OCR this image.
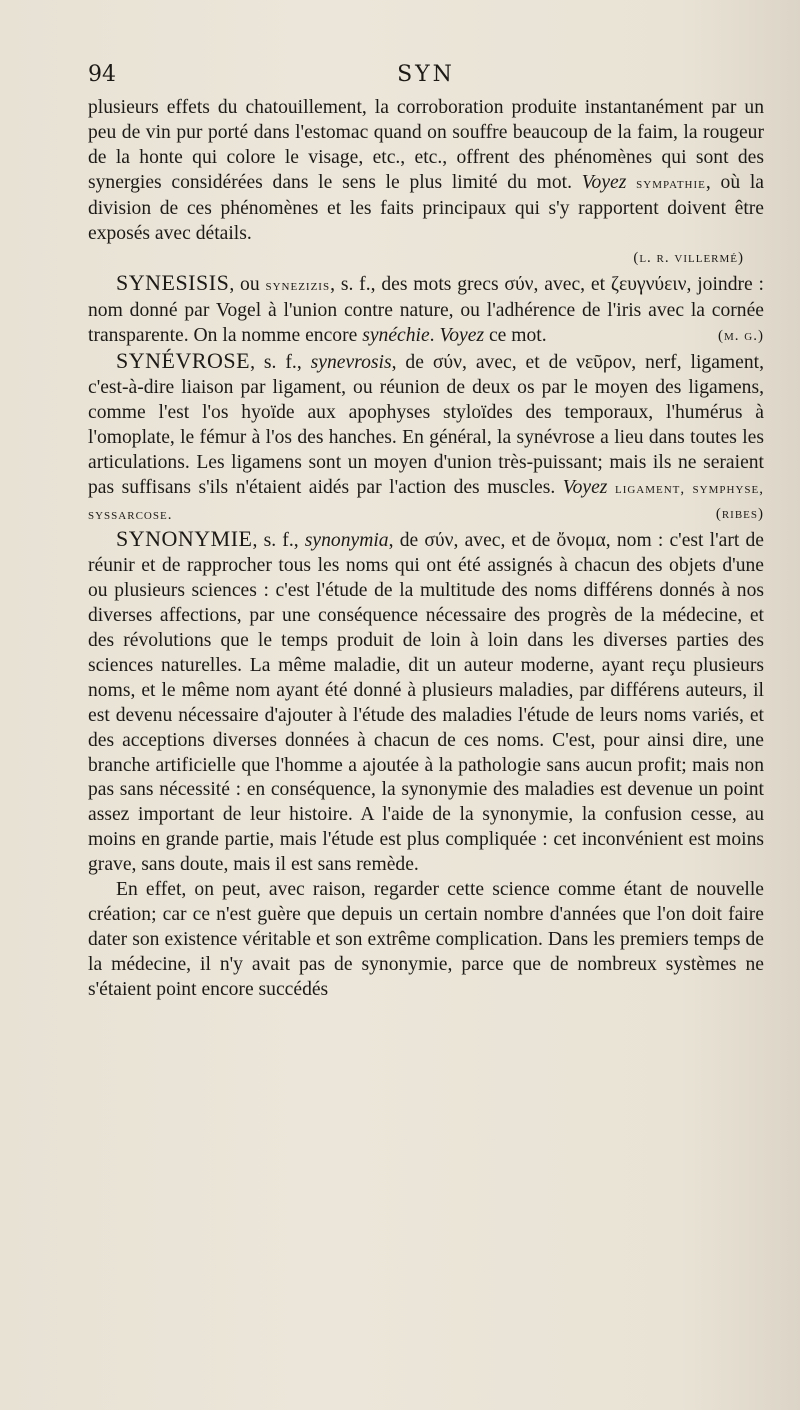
94	SYN

plusieurs effets du chatouillement, la corroboration produite instantanément par un peu de vin pur porté dans l'estomac quand on souffre beaucoup de la faim, la rougeur de la honte qui colore le visage, etc., etc., offrent des phénomènes qui sont des synergies considérées dans le sens le plus limité du mot. Voyez sympathie, où la division de ces phénomènes et les faits principaux qui s'y rapportent doivent être exposés avec détails.

(l. r. villermé)

SYNESISIS, ou synezizis, s. f., des mots grecs σύν, avec, et ζευγνύειν, joindre : nom donné par Vogel à l'union contre nature, ou l'adhérence de l'iris avec la cornée transparente. On la nomme encore synéchie. Voyez ce mot.	(m. g.)

SYNÉVROSE, s. f., synevrosis, de σύν, avec, et de νεῦρον, nerf, ligament, c'est-à-dire liaison par ligament, ou réunion de deux os par le moyen des ligamens, comme l'est l'os hyoïde aux apophyses styloïdes des temporaux, l'humérus à l'omoplate, le fémur à l'os des hanches. En général, la synévrose a lieu dans toutes les articulations. Les ligamens sont un moyen d'union très-puissant; mais ils ne seraient pas suffisans s'ils n'étaient aidés par l'action des muscles. Voyez ligament, symphyse, syssarcose.	(ribes)

SYNONYMIE, s. f., synonymia, de σύν, avec, et de ὄνομα, nom : c'est l'art de réunir et de rapprocher tous les noms qui ont été assignés à chacun des objets d'une ou plusieurs sciences : c'est l'étude de la multitude des noms différens donnés à nos diverses affections, par une conséquence nécessaire des progrès de la médecine, et des révolutions que le temps produit de loin à loin dans les diverses parties des sciences naturelles. La même maladie, dit un auteur moderne, ayant reçu plusieurs noms, et le même nom ayant été donné à plusieurs maladies, par différens auteurs, il est devenu nécessaire d'ajouter à l'étude des maladies l'étude de leurs noms variés, et des acceptions diverses données à chacun de ces noms. C'est, pour ainsi dire, une branche artificielle que l'homme a ajoutée à la pathologie sans aucun profit; mais non pas sans nécessité : en conséquence, la synonymie des maladies est devenue un point assez important de leur histoire. A l'aide de la synonymie, la confusion cesse, au moins en grande partie, mais l'étude est plus compliquée : cet inconvénient est moins grave, sans doute, mais il est sans remède.

En effet, on peut, avec raison, regarder cette science comme étant de nouvelle création; car ce n'est guère que depuis un certain nombre d'années que l'on doit faire dater son existence véritable et son extrême complication. Dans les premiers temps de la médecine, il n'y avait pas de synonymie, parce que de nombreux systèmes ne s'étaient point encore succédés
